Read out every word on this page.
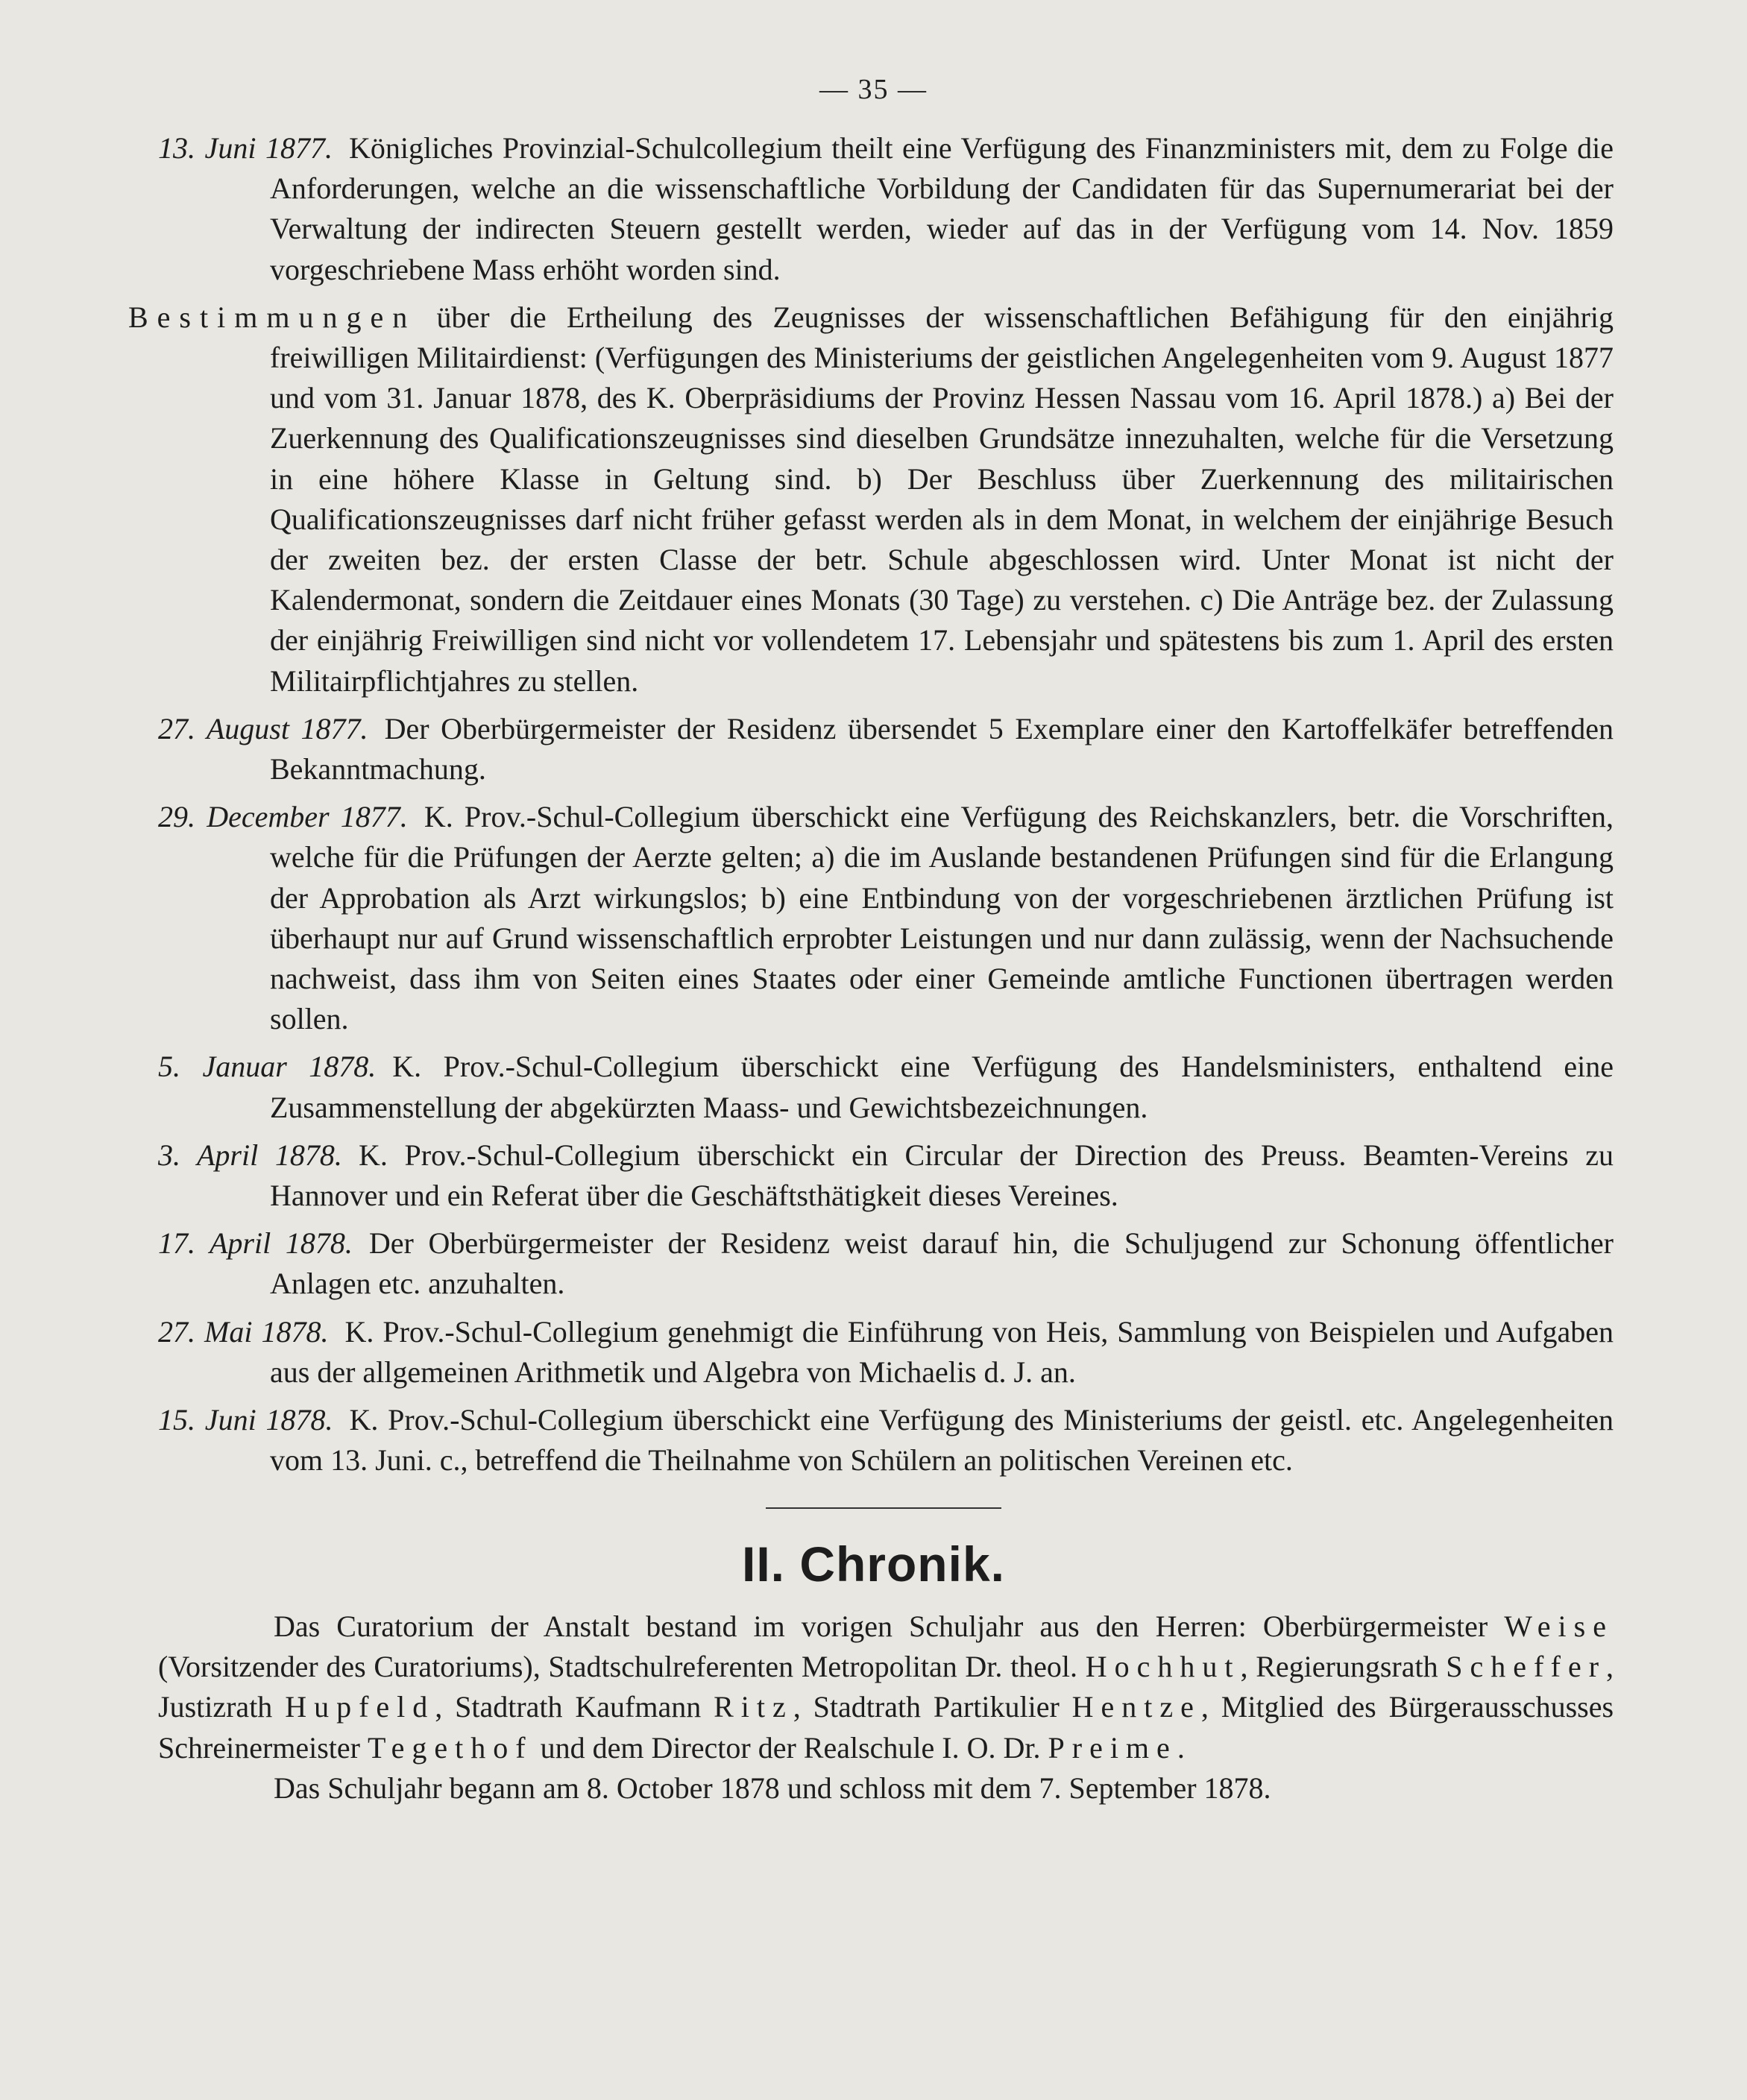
— 35 —

13. Juni 1877. Königliches Provinzial-Schulcollegium theilt eine Verfügung des Finanzministers mit, dem zu Folge die Anforderungen, welche an die wissenschaftliche Vorbildung der Candidaten für das Supernumerariat bei der Verwaltung der indirecten Steuern gestellt werden, wieder auf das in der Verfügung vom 14. Nov. 1859 vorgeschriebene Mass erhöht worden sind.

Bestimmungen über die Ertheilung des Zeugnisses der wissenschaftlichen Befähigung für den einjährig freiwilligen Militairdienst: (Verfügungen des Ministeriums der geistlichen Angelegenheiten vom 9. August 1877 und vom 31. Januar 1878, des K. Oberpräsidiums der Provinz Hessen Nassau vom 16. April 1878.) a) Bei der Zuerkennung des Qualificationszeugnisses sind dieselben Grundsätze innezuhalten, welche für die Versetzung in eine höhere Klasse in Geltung sind. b) Der Beschluss über Zuerkennung des militairischen Qualificationszeugnisses darf nicht früher gefasst werden als in dem Monat, in welchem der einjährige Besuch der zweiten bez. der ersten Classe der betr. Schule abgeschlossen wird. Unter Monat ist nicht der Kalendermonat, sondern die Zeitdauer eines Monats (30 Tage) zu verstehen. c) Die Anträge bez. der Zulassung der einjährig Freiwilligen sind nicht vor vollendetem 17. Lebensjahr und spätestens bis zum 1. April des ersten Militairpflichtjahres zu stellen.

27. August 1877. Der Oberbürgermeister der Residenz übersendet 5 Exemplare einer den Kartoffelkäfer betreffenden Bekanntmachung.

29. December 1877. K. Prov.-Schul-Collegium überschickt eine Verfügung des Reichskanzlers, betr. die Vorschriften, welche für die Prüfungen der Aerzte gelten; a) die im Auslande bestandenen Prüfungen sind für die Erlangung der Approbation als Arzt wirkungslos; b) eine Entbindung von der vorgeschriebenen ärztlichen Prüfung ist überhaupt nur auf Grund wissenschaftlich erprobter Leistungen und nur dann zulässig, wenn der Nachsuchende nachweist, dass ihm von Seiten eines Staates oder einer Gemeinde amtliche Functionen übertragen werden sollen.

5. Januar 1878. K. Prov.-Schul-Collegium überschickt eine Verfügung des Handelsministers, enthaltend eine Zusammenstellung der abgekürzten Maass- und Gewichtsbezeichnungen.

3. April 1878. K. Prov.-Schul-Collegium überschickt ein Circular der Direction des Preuss. Beamten-Vereins zu Hannover und ein Referat über die Geschäftsthätigkeit dieses Vereines.

17. April 1878. Der Oberbürgermeister der Residenz weist darauf hin, die Schuljugend zur Schonung öffentlicher Anlagen etc. anzuhalten.

27. Mai 1878. K. Prov.-Schul-Collegium genehmigt die Einführung von Heis, Sammlung von Beispielen und Aufgaben aus der allgemeinen Arithmetik und Algebra von Michaelis d. J. an.

15. Juni 1878. K. Prov.-Schul-Collegium überschickt eine Verfügung des Ministeriums der geistl. etc. Angelegenheiten vom 13. Juni. c., betreffend die Theilnahme von Schülern an politischen Vereinen etc.

II. Chronik.

Das Curatorium der Anstalt bestand im vorigen Schuljahr aus den Herren: Oberbürgermeister Weise (Vorsitzender des Curatoriums), Stadtschulreferenten Metropolitan Dr. theol. Hochhut, Regierungsrath Scheffer, Justizrath Hupfeld, Stadtrath Kaufmann Ritz, Stadtrath Partikulier Hentze, Mitglied des Bürgerausschusses Schreinermeister Tegethof und dem Director der Realschule I. O. Dr. Preime.

Das Schuljahr begann am 8. October 1878 und schloss mit dem 7. September 1878.
